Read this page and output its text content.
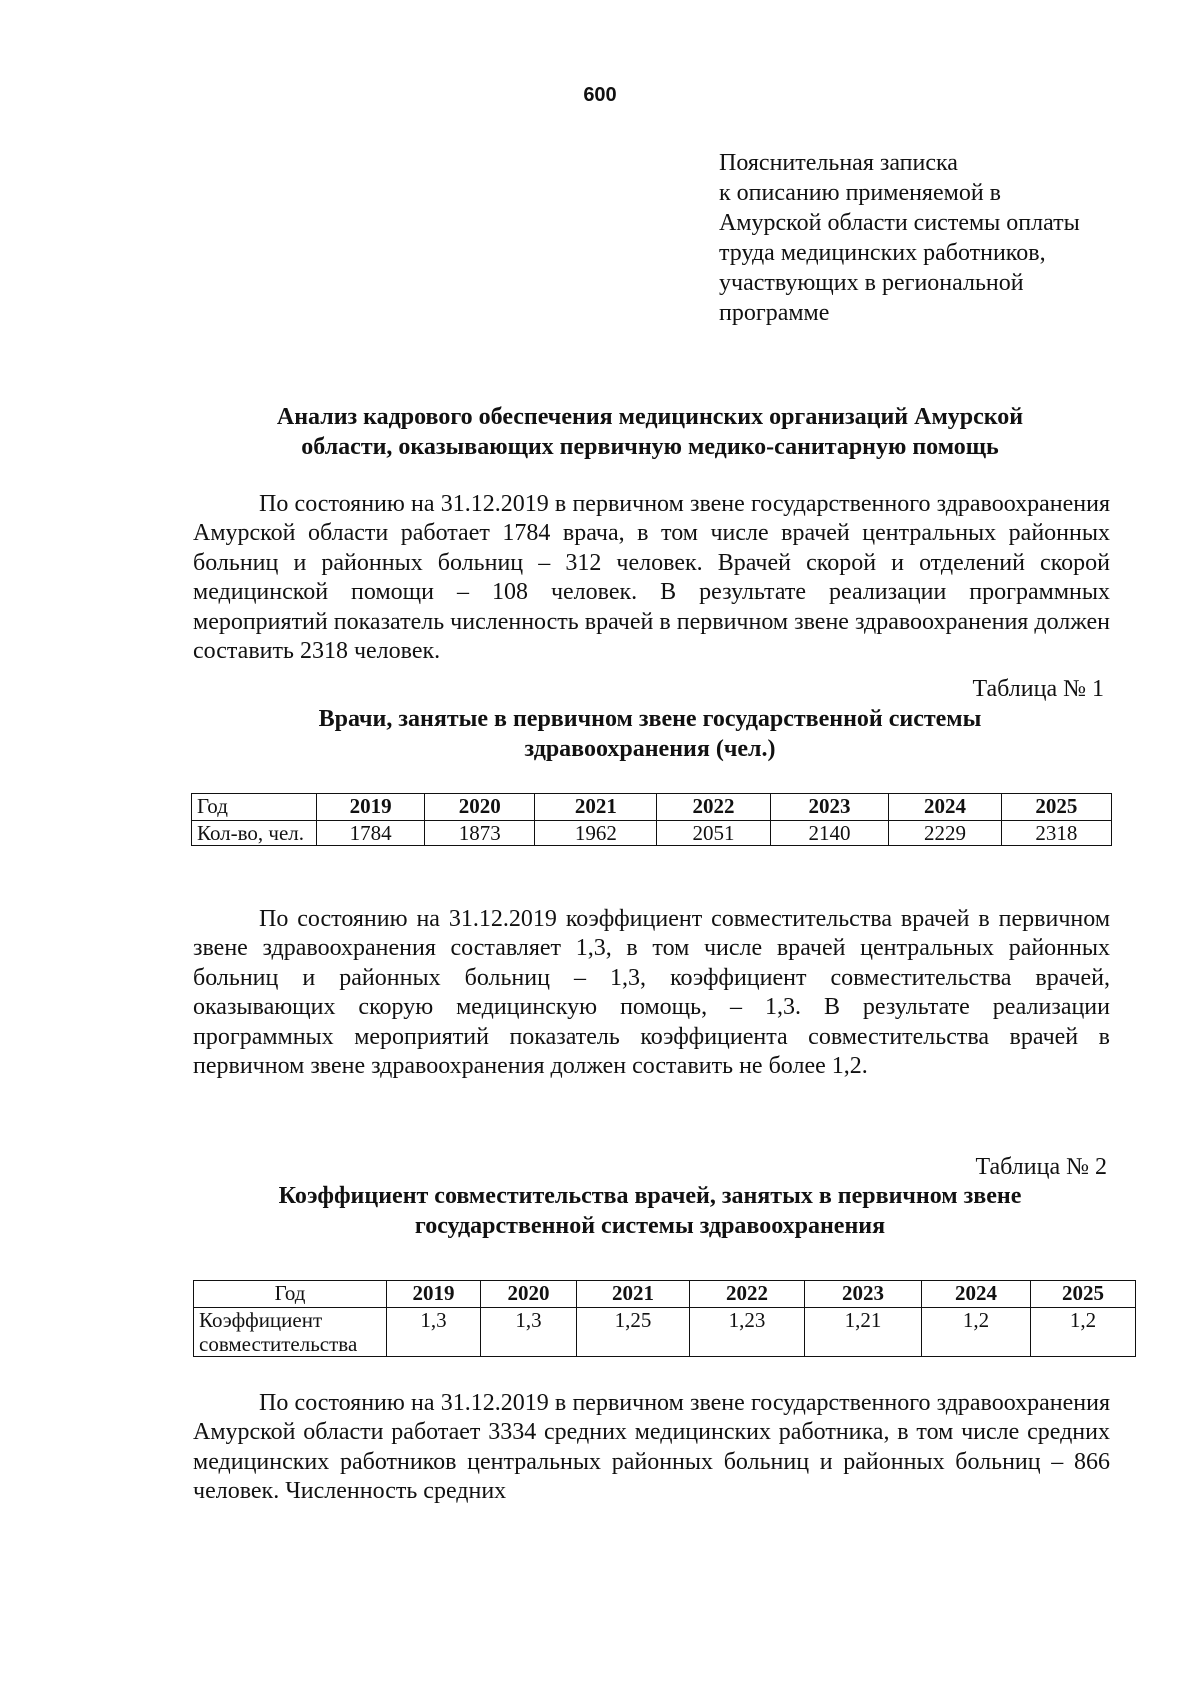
600
Пояснительная записка
к описанию применяемой в
Амурской области системы оплаты
труда медицинских работников,
участвующих в региональной
программе
Анализ кадрового обеспечения медицинских организаций Амурской
области, оказывающих первичную медико-санитарную помощь

По состоянию на 31.12.2019 в первичном звене государственного здравоохранения Амурской области работает 1784 врача, в том числе врачей центральных районных больниц и районных больниц – 312 человек. Врачей скорой и отделений скорой медицинской помощи – 108 человек. В результате реализации программных мероприятий показатель численность врачей в первичном звене здравоохранения должен составить 2318 человек.

Таблица № 1
Врачи, занятые в первичном звене государственной системы
здравоохранения (чел.)
Год	2019	2020	2021	2022	2023	2024	2025
Кол-во, чел.	1784	1873	1962	2051	2140	2229	2318

По состоянию на 31.12.2019 коэффициент совместительства врачей в первичном звене здравоохранения составляет 1,3, в том числе врачей центральных районных больниц и районных больниц – 1,3, коэффициент совместительства врачей, оказывающих скорую медицинскую помощь, – 1,3. В результате реализации программных мероприятий показатель коэффициента совместительства врачей в первичном звене здравоохранения должен составить не более 1,2.

Таблица № 2
Коэффициент совместительства врачей, занятых в первичном звене
государственной системы здравоохранения
Год	2019	2020	2021	2022	2023	2024	2025
Коэффициент совместительства	1,3	1,3	1,25	1,23	1,21	1,2	1,2

По состоянию на 31.12.2019 в первичном звене государственного здравоохранения Амурской области работает 3334 средних медицинских работника, в том числе средних медицинских работников центральных районных больниц и районных больниц – 866 человек. Численность средних
